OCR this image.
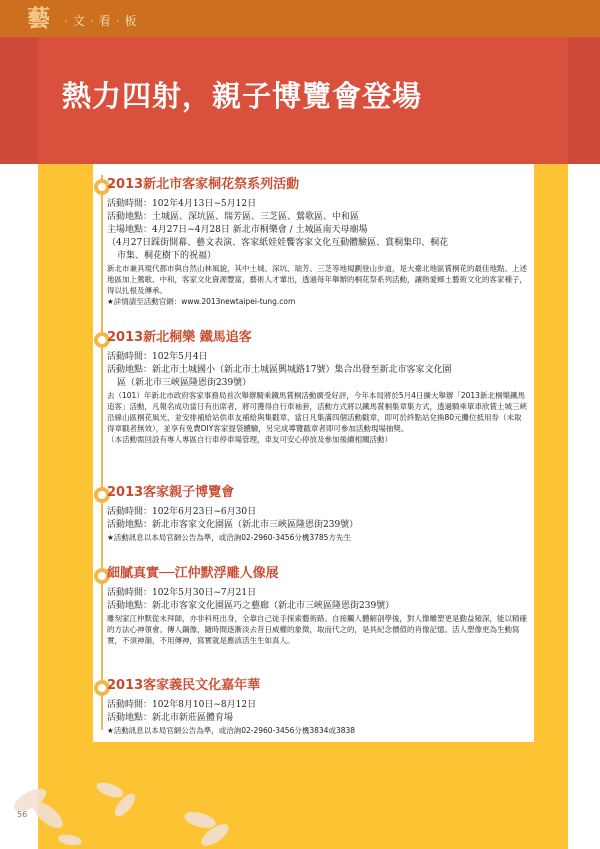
藝	· 文 · 看 · 板
熱力四射，親子博覽會登場

2013新北市客家桐花祭系列活動

活動時間：102年4月13日∼5月12日

活動地點：土城區、深坑區、瑞芳區、三芝區、鶯歌區、中和區

主場地點：4月27日∼4月28日 新北市桐樂會 / 土城區南天母廟場

（4月27日踩街開幕、藝文表演、客家紙娃娃饗客家文化互動體驗區、賞桐集印、桐花

市集、桐花樹下的祝福）

新北市兼具現代都市與自然山林風貌，其中土城、深坑、瑞芳、三芝等地規劃登山步道，是大臺北地區賞桐花的最佳地點。上述地區加上鶯歌、中和，客家文化資源豐富，藝術人才輩出，透過每年舉辦的桐花祭系列活動，讓熱愛鄉土藝術文化的客家種子，得以扎根及傳承。

★詳情請至活動官網：www.2013newtaipei-tung.com

2013新北桐樂 鐵馬追客

活動時間：102年5月4日

活動地點：新北市土城國小（新北市土城區興城路17號）集合出發至新北市客家文化園

區（新北市三峽區隆恩街239號）

去（101）年新北市政府客家事務局首次舉辦騎乘鐵馬賞桐活動廣受好評，今年本局將於5月4日擴大舉辦「2013新北桐樂鐵馬追客」活動，凡報名成功當日有出席者，將可獲得自行車袖套，活動方式將以鐵馬賞桐集章集方式，透過騎乘單車欣賞土城三峽沿線山區桐花風光，並安排補給站供車友補給與集戳章，當日凡集滿四個活動戳章，即可於終點站兌換80元攤位抵用券（未取得章戳者無效），並享有免費DIY客家提袋體驗，另完成導覽戳章者即可參加活動現場抽獎。

（本活動需回設有專人專區自行車停車場管理，車友可安心停放及參加後續相關活動）

2013客家親子博覽會

活動時間：102年6月23日∼6月30日

活動地點：新北市客家文化園區（新北市三峽區隆恩街239號）

★活動訊息以本局官網公告為準，或洽詢02-2960-3456分機3785方先生

細膩真實──江仲默浮雕人像展

活動時間：102年5月30日∼7月21日

活動地點：新北市客家文化園區巧之藝廊（新北市三峽區隆恩街239號）

雕刻家江仲默從未拜師，亦非科班出身，全靠自己徒手探索藝術路。自接觸人體解剖學後，對人像雕塑更是勤益頻深，能以精確的方法心神領會。傳人鋼像，隨時間逐漸淡去昔日威權的象徵，取而代之的，是具紀念價值的肖像記憶。活人塑像更為生動寫實，不須神韻，不用傳神，寫實就是應該活生生如真人。

2013客家義民文化嘉年華

活動時間：102年8月10日∼8月12日

活動地點：新北市新莊區體育場

★活動訊息以本局官網公告為準，或洽詢02-2960-3456分機3834或3838

56
